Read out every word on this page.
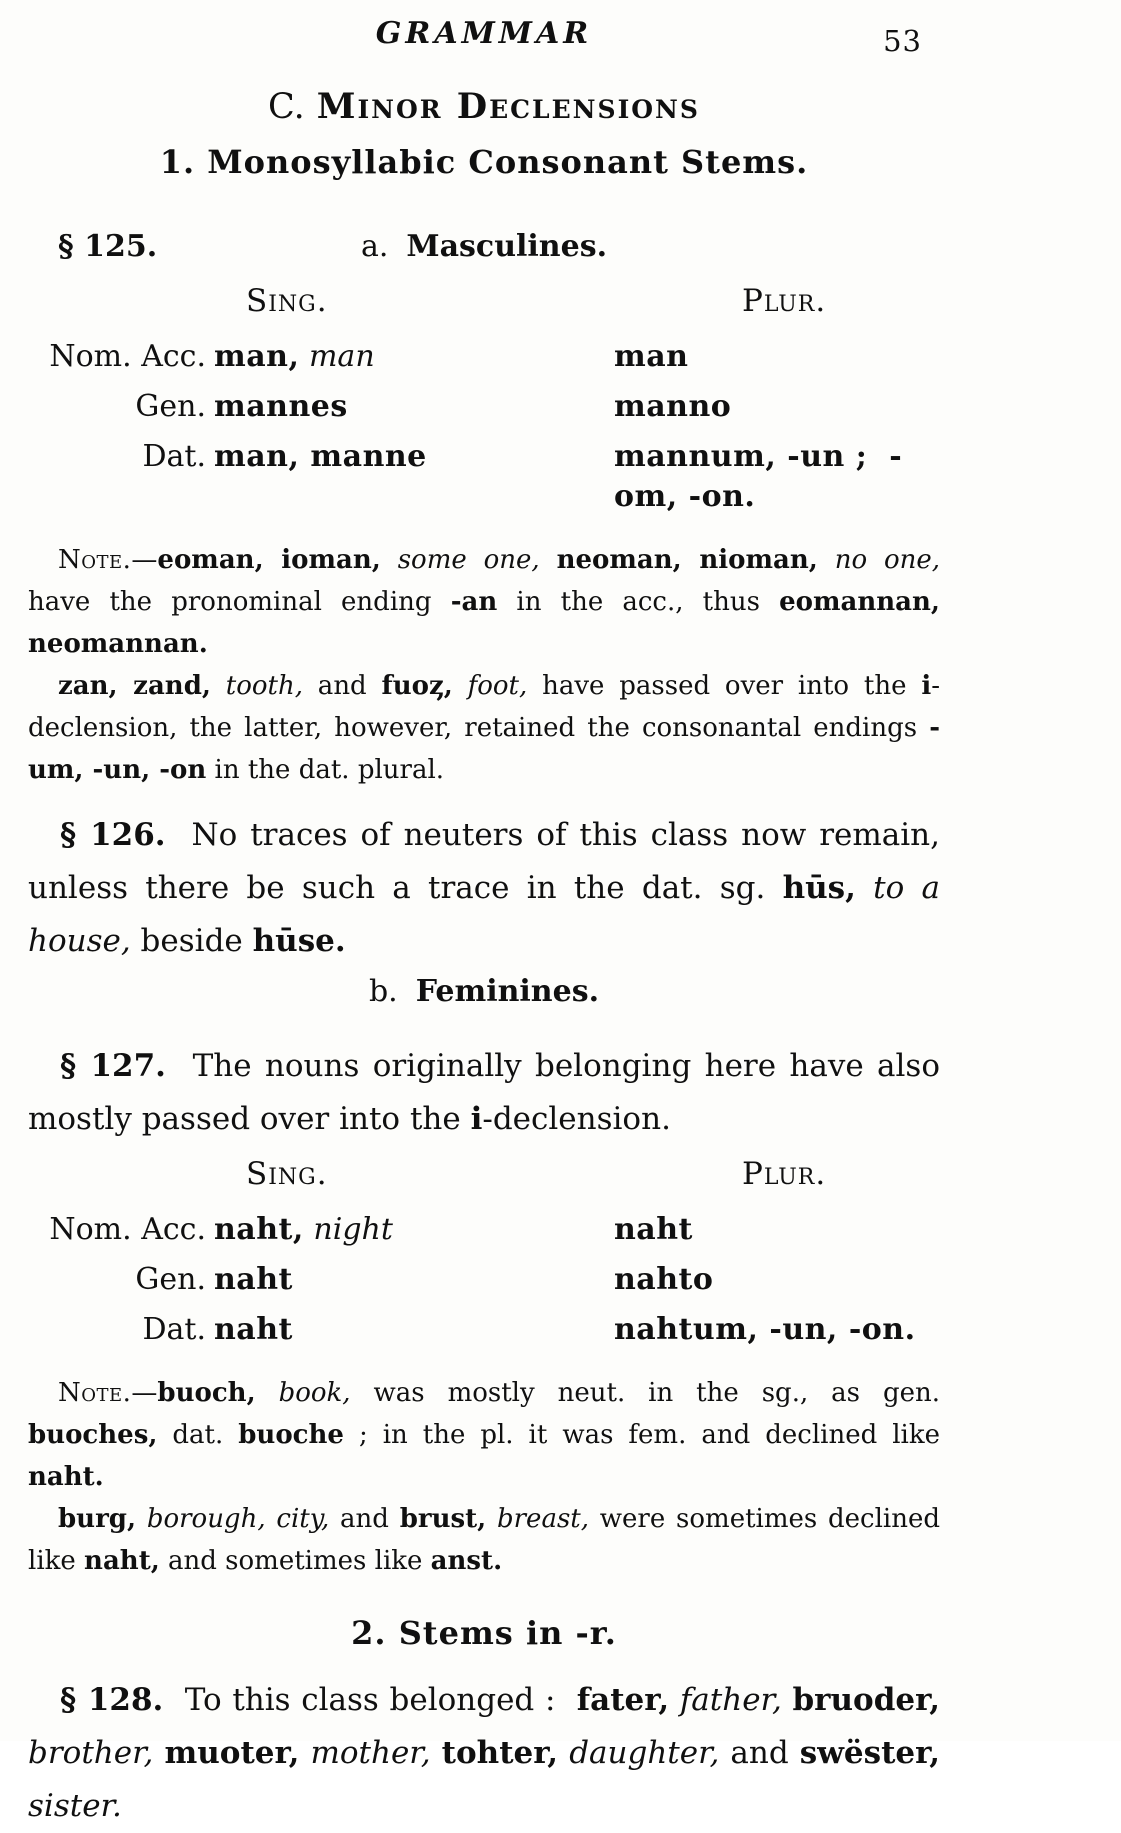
GRAMMAR	53
C. Minor Declensions
1. Monosyllabic Consonant Stems.
§ 125.	a. Masculines.
Sing.	Plur.
Nom. Acc. man, man	man
Gen. mannes	manno
Dat. man, manne	mannum, -un ;  -om, -on.

Note.—eoman, ioman, some one, neoman, nioman, no one, have the pronominal ending -an in the acc., thus eomannan, neomannan.

zan, zand, tooth, and fuoȥ, foot, have passed over into the i-declension, the latter, however, retained the consonantal endings -um, -un, -on in the dat. plural.

§ 126.  No traces of neuters of this class now remain, unless there be such a trace in the dat. sg. hūs, to a house, beside hūse.

b. Feminines.

§ 127.  The nouns originally belonging here have also mostly passed over into the i-declension.

Sing.	Plur.
Nom. Acc. naht, night	naht
Gen. naht	nahto
Dat. naht	nahtum, -un, -on.

Note.—buoch, book, was mostly neut. in the sg., as gen. buoches, dat. buoche ; in the pl. it was fem. and declined like naht.

burg, borough, city, and brust, breast, were sometimes declined like naht, and sometimes like anst.

2. Stems in -r.

§ 128.  To this class belonged :  fater, father, bruoder, brother, muoter, mother, tohter, daughter, and swëster, sister.
